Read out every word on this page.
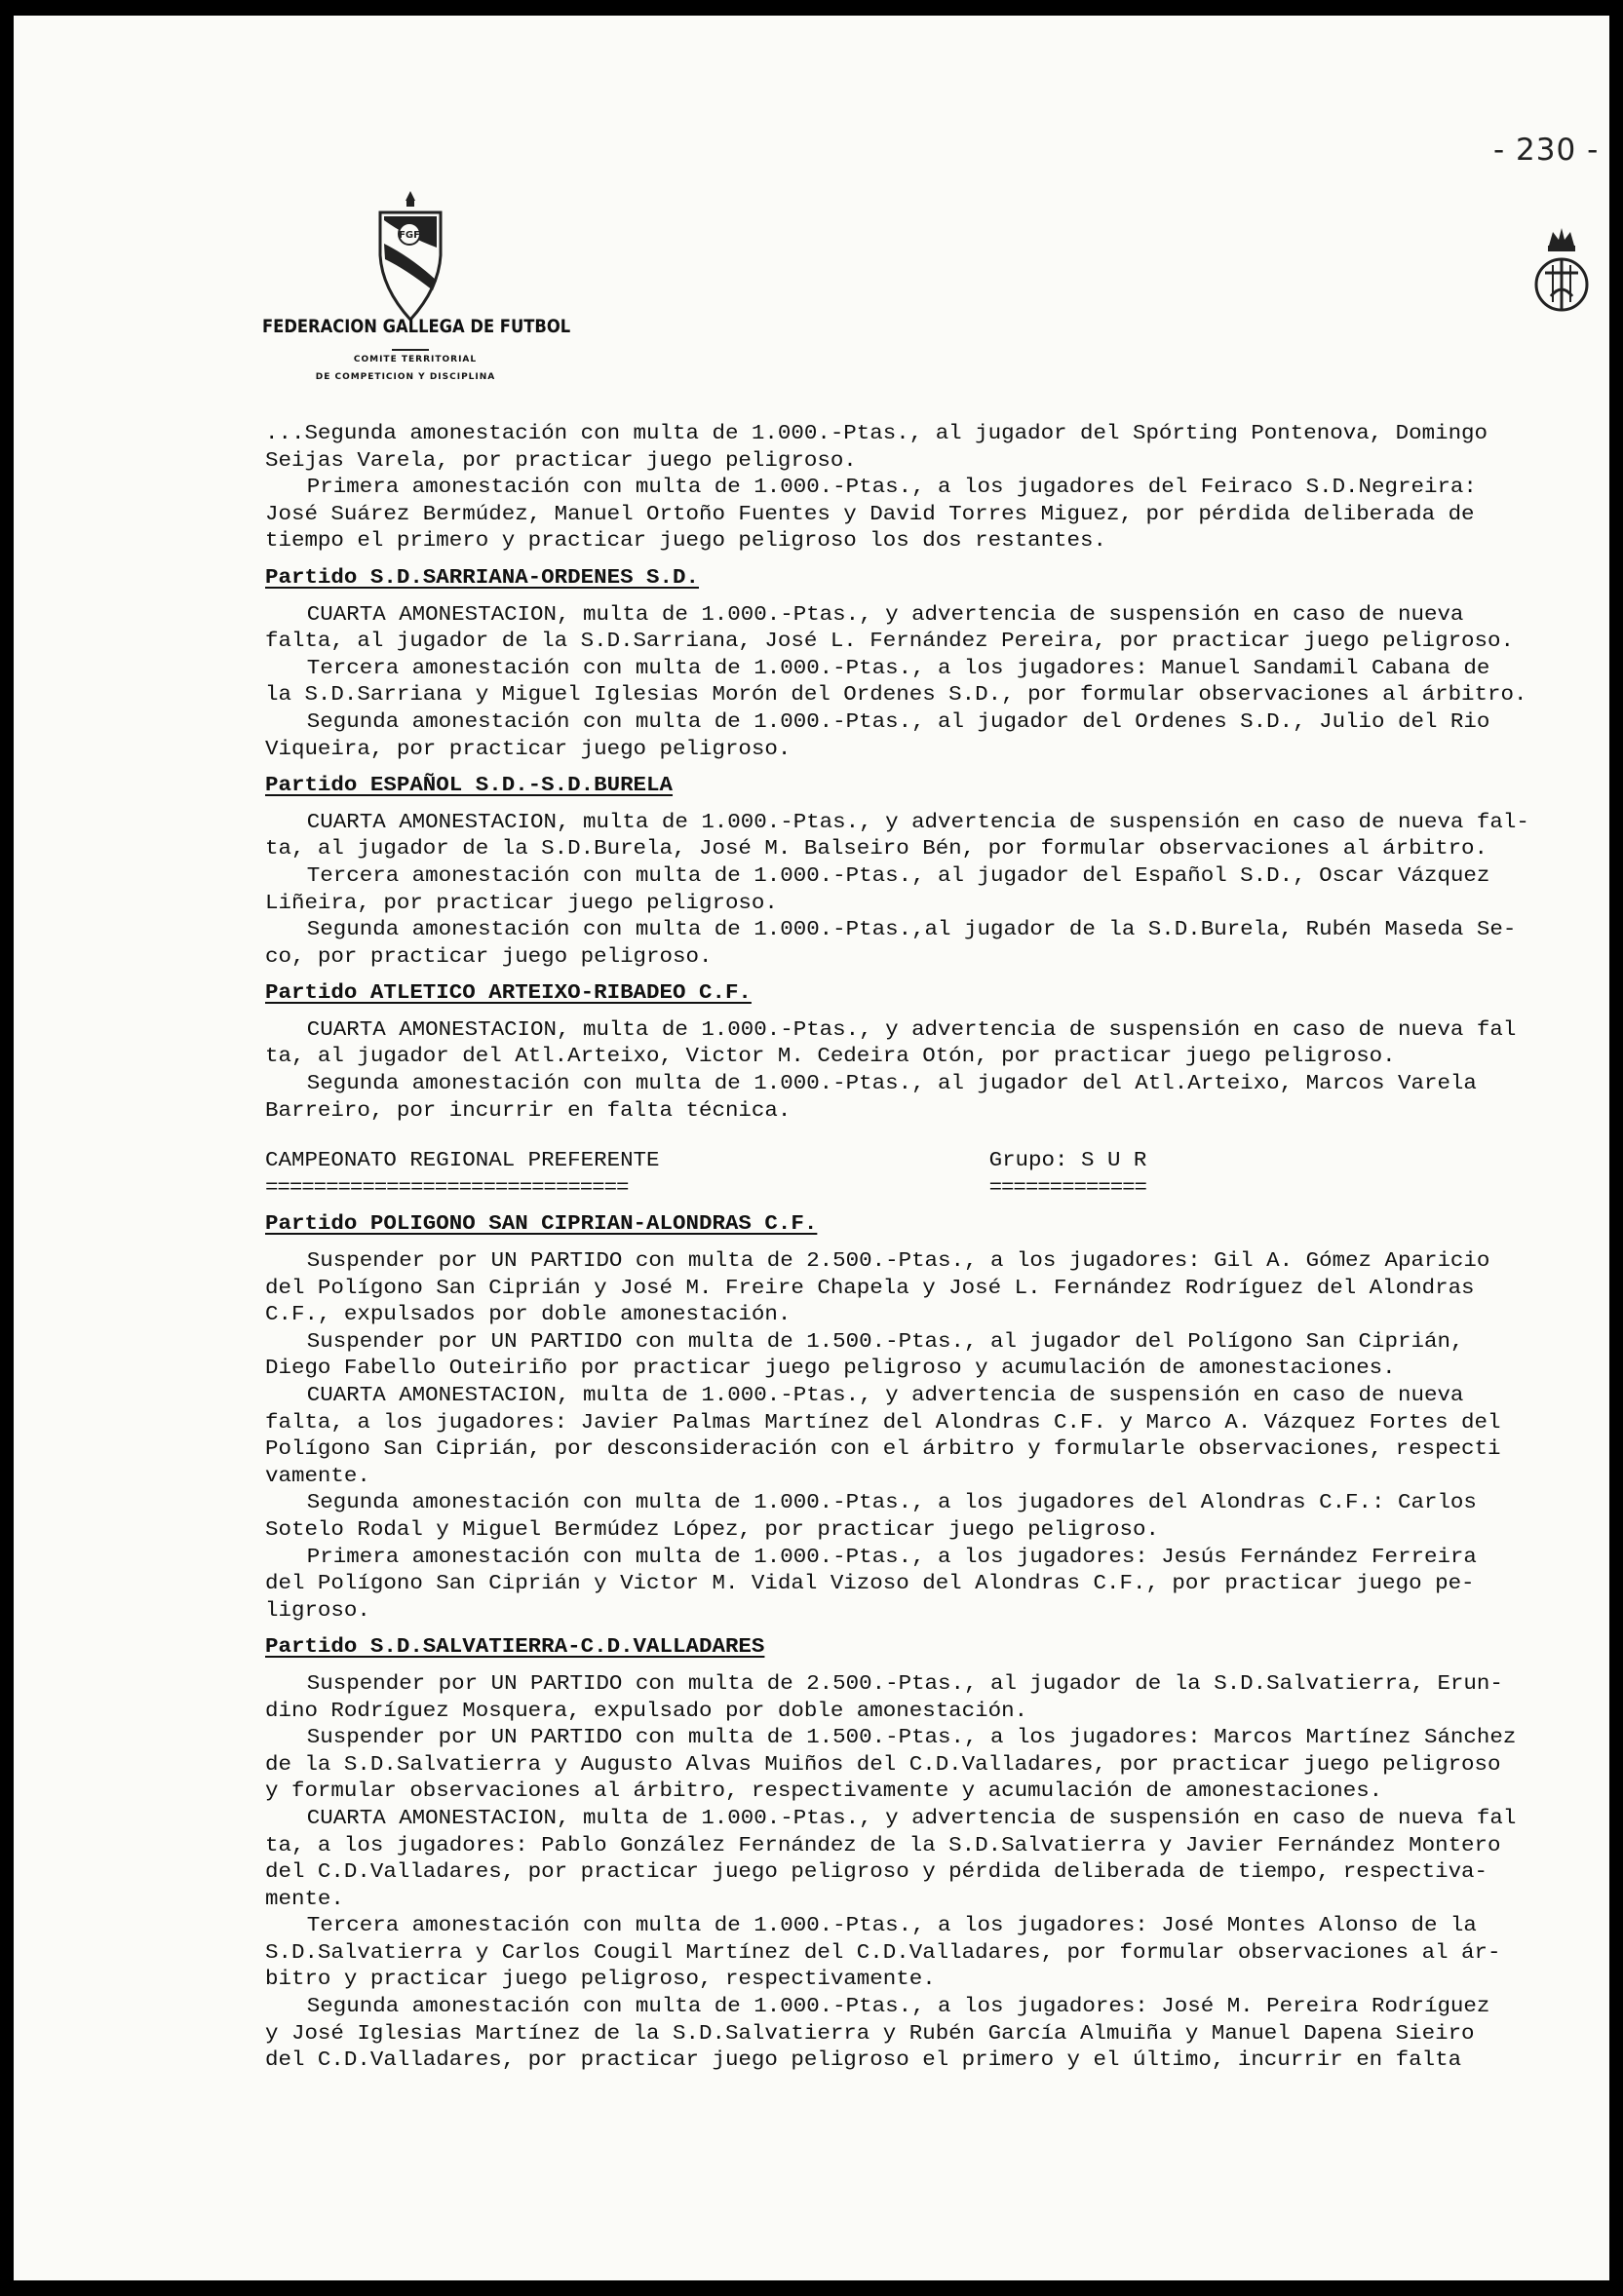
- 230 -
FGF
FEDERACION GALLEGA DE FUTBOL
COMITE TERRITORIAL
DE COMPETICION Y DISCIPLINA
...Segunda amonestación con multa de 1.000.-Ptas., al jugador del Spórting Pontenova, Domingo
Seijas Varela, por practicar juego peligroso.
Primera amonestación con multa de 1.000.-Ptas., a los jugadores del Feiraco S.D.Negreira:
José Suárez Bermúdez, Manuel Ortoño Fuentes y David Torres Miguez, por pérdida deliberada de
tiempo el primero y practicar juego peligroso los dos restantes.
Partido S.D.SARRIANA-ORDENES S.D.
CUARTA AMONESTACION, multa de 1.000.-Ptas., y advertencia de suspensión en caso de nueva
falta, al jugador de la S.D.Sarriana, José L. Fernández Pereira, por practicar juego peligroso.
Tercera amonestación con multa de 1.000.-Ptas., a los jugadores: Manuel Sandamil Cabana de
la S.D.Sarriana y Miguel Iglesias Morón del Ordenes S.D., por formular observaciones al árbitro.
Segunda amonestación con multa de 1.000.-Ptas., al jugador del Ordenes S.D., Julio del Rio
Viqueira, por practicar juego peligroso.
Partido ESPAÑOL S.D.-S.D.BURELA
CUARTA AMONESTACION, multa de 1.000.-Ptas., y advertencia de suspensión en caso de nueva fal-
ta, al jugador de la S.D.Burela, José M. Balseiro Bén, por formular observaciones al árbitro.
Tercera amonestación con multa de 1.000.-Ptas., al jugador del Español S.D., Oscar Vázquez
Liñeira, por practicar juego peligroso.
Segunda amonestación con multa de 1.000.-Ptas.,al jugador de la S.D.Burela, Rubén Maseda Se-
co, por practicar juego peligroso.
Partido ATLETICO ARTEIXO-RIBADEO C.F.
CUARTA AMONESTACION, multa de 1.000.-Ptas., y advertencia de suspensión en caso de nueva fal
ta, al jugador del Atl.Arteixo, Victor M. Cedeira Otón, por practicar juego peligroso.
Segunda amonestación con multa de 1.000.-Ptas., al jugador del Atl.Arteixo, Marcos Varela
Barreiro, por incurrir en falta técnica.
CAMPEONATO REGIONAL PREFERENTE	Grupo: S U R
==============================	=============
Partido POLIGONO SAN CIPRIAN-ALONDRAS C.F.
Suspender por UN PARTIDO con multa de 2.500.-Ptas., a los jugadores: Gil A. Gómez Aparicio
del Polígono San Ciprián y José M. Freire Chapela y José L. Fernández Rodríguez del Alondras
C.F., expulsados por doble amonestación.
Suspender por UN PARTIDO con multa de 1.500.-Ptas., al jugador del Polígono San Ciprián,
Diego Fabello Outeiriño por practicar juego peligroso y acumulación de amonestaciones.
CUARTA AMONESTACION, multa de 1.000.-Ptas., y advertencia de suspensión en caso de nueva
falta, a los jugadores: Javier Palmas Martínez del Alondras C.F. y Marco A. Vázquez Fortes del
Polígono San Ciprián, por desconsideración con el árbitro y formularle observaciones, respecti
vamente.
Segunda amonestación con multa de 1.000.-Ptas., a los jugadores del Alondras C.F.: Carlos
Sotelo Rodal y Miguel Bermúdez López, por practicar juego peligroso.
Primera amonestación con multa de 1.000.-Ptas., a los jugadores: Jesús Fernández Ferreira
del Polígono San Ciprián y Victor M. Vidal Vizoso del Alondras C.F., por practicar juego pe-
ligroso.
Partido S.D.SALVATIERRA-C.D.VALLADARES
Suspender por UN PARTIDO con multa de 2.500.-Ptas., al jugador de la S.D.Salvatierra, Erun-
dino Rodríguez Mosquera, expulsado por doble amonestación.
Suspender por UN PARTIDO con multa de 1.500.-Ptas., a los jugadores: Marcos Martínez Sánchez
de la S.D.Salvatierra y Augusto Alvas Muiños del C.D.Valladares, por practicar juego peligroso
y formular observaciones al árbitro, respectivamente y acumulación de amonestaciones.
CUARTA AMONESTACION, multa de 1.000.-Ptas., y advertencia de suspensión en caso de nueva fal
ta, a los jugadores: Pablo González Fernández de la S.D.Salvatierra y Javier Fernández Montero
del C.D.Valladares, por practicar juego peligroso y pérdida deliberada de tiempo, respectiva-
mente.
Tercera amonestación con multa de 1.000.-Ptas., a los jugadores: José Montes Alonso de la
S.D.Salvatierra y Carlos Cougil Martínez del C.D.Valladares, por formular observaciones al ár-
bitro y practicar juego peligroso, respectivamente.
Segunda amonestación con multa de 1.000.-Ptas., a los jugadores: José M. Pereira Rodríguez
y José Iglesias Martínez de la S.D.Salvatierra y Rubén García Almuiña y Manuel Dapena Sieiro
del C.D.Valladares, por practicar juego peligroso el primero y el último, incurrir en falta
